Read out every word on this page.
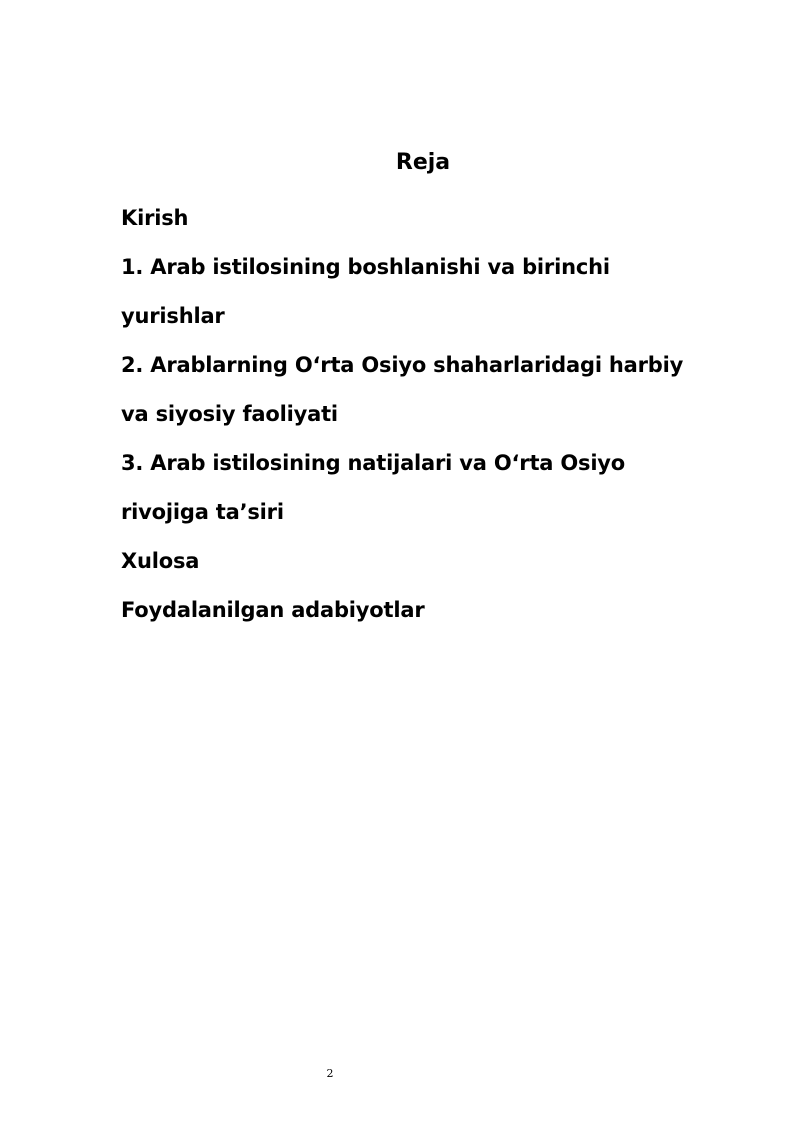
Reja
Kirish
1. Arab istilosining boshlanishi va birinchi yurishlar
2. Arablarning O‘rta Osiyo shaharlaridagi harbiy va siyosiy faoliyati
3. Arab istilosining natijalari va O‘rta Osiyo rivojiga ta’siri
Xulosa
Foydalanilgan adabiyotlar
2
